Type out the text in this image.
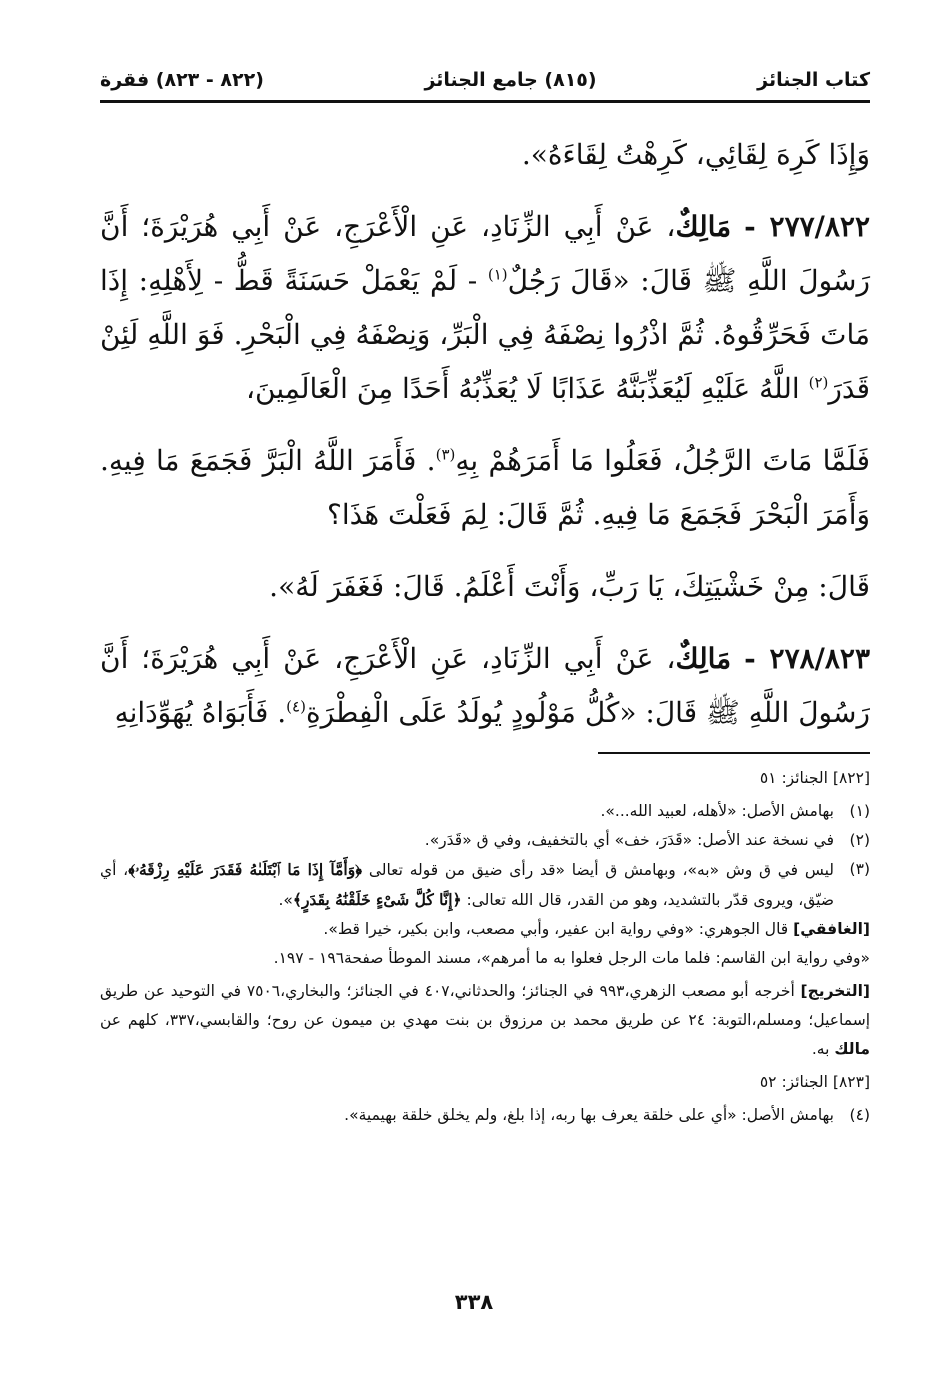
كتاب الجنائز
(٨١٥) جامع الجنائز
(٨٢٢ - ٨٢٣) فقرة

وَإِذَا كَرِهَ لِقَائِي، كَرِهْتُ لِقَاءَهُ».

٢٧٧/٨٢٢ - مَالِكٌ، عَنْ أَبِي الزِّنَادِ، عَنِ الْأَعْرَجِ، عَنْ أَبِي هُرَيْرَةَ؛ أَنَّ رَسُولَ اللَّهِ ﷺ قَالَ: «قَالَ رَجُلٌ$^{(١)}$ - لَمْ يَعْمَلْ حَسَنَةً قَطُّ - لِأَهْلِهِ: إِذَا مَاتَ فَحَرِّقُوهُ. ثُمَّ اذْرُوا نِصْفَهُ فِي الْبَرِّ، وَنِصْفَهُ فِي الْبَحْرِ. فَوَ اللَّهِ لَئِنْ قَدَرَ$^{(٢)}$ اللَّهُ عَلَيْهِ لَيُعَذِّبَنَّهُ عَذَابًا لَا يُعَذِّبُهُ أَحَدًا مِنَ الْعَالَمِينَ،

فَلَمَّا مَاتَ الرَّجُلُ، فَعَلُوا مَا أَمَرَهُمْ بِهِ$^{(٣)}$. فَأَمَرَ اللَّهُ الْبَرَّ فَجَمَعَ مَا فِيهِ. وَأَمَرَ الْبَحْرَ فَجَمَعَ مَا فِيهِ. ثُمَّ قَالَ: لِمَ فَعَلْتَ هَذَا؟

قَالَ: مِنْ خَشْيَتِكَ، يَا رَبِّ، وَأَنْتَ أَعْلَمُ. قَالَ: فَغَفَرَ لَهُ».

٢٧٨/٨٢٣ - مَالِكٌ، عَنْ أَبِي الزِّنَادِ، عَنِ الْأَعْرَجِ، عَنْ أَبِي هُرَيْرَةَ؛ أَنَّ رَسُولَ اللَّهِ ﷺ قَالَ: «كُلُّ مَوْلُودٍ يُولَدُ عَلَى الْفِطْرَةِ$^{(٤)}$. فَأَبَوَاهُ يُهَوِّدَانِهِ

[٨٢٢] الجنائز: ٥١
(١)
بهامش الأصل: «لأهله، لعبيد الله...».
(٢)
في نسخة عند الأصل: «قَدَرَ، خف» أي بالتخفيف، وفي ق «قَدَر».
(٣)
ليس في ق وش «به»، وبهامش ق أيضا «قد رأى ضيق من قوله تعالى ﴿وَأَمَّآ إِذَا مَا ٱبْتَلَىٰهُ فَقَدَرَ عَلَيْهِ رِزْقَهُۥ﴾، أي ضيّق، ويروى قدّر بالتشديد، وهو من القدر، قال الله تعالى: ﴿إِنَّا كُلَّ شَىْءٍ خَلَقْنَٰهُ بِقَدَرٍ﴾».

[الغافقي] قال الجوهري: «وفي رواية ابن عفير، وأبي مصعب، وابن بكير، خيرا قط».
«وفي رواية ابن القاسم: فلما مات الرجل فعلوا به ما أمرهم»، مسند الموطأ صفحة١٩٦ - ١٩٧.

[التخريج] أخرجه أبو مصعب الزهري،٩٩٣ في الجنائز؛ والحدثاني،٤٠٧ في الجنائز؛ والبخاري،٧٥٠٦ في التوحيد عن طريق إسماعيل؛ ومسلم،التوبة: ٢٤ عن طريق محمد بن مرزوق بن بنت مهدي بن ميمون عن روح؛ والقابسي،٣٣٧، كلهم عن مالك به.

[٨٢٣] الجنائز: ٥٢
(٤)
بهامش الأصل: «أي على خلقة يعرف بها ربه، إذا بلغ، ولم يخلق خلقة بهيمية».
٣٣٨
